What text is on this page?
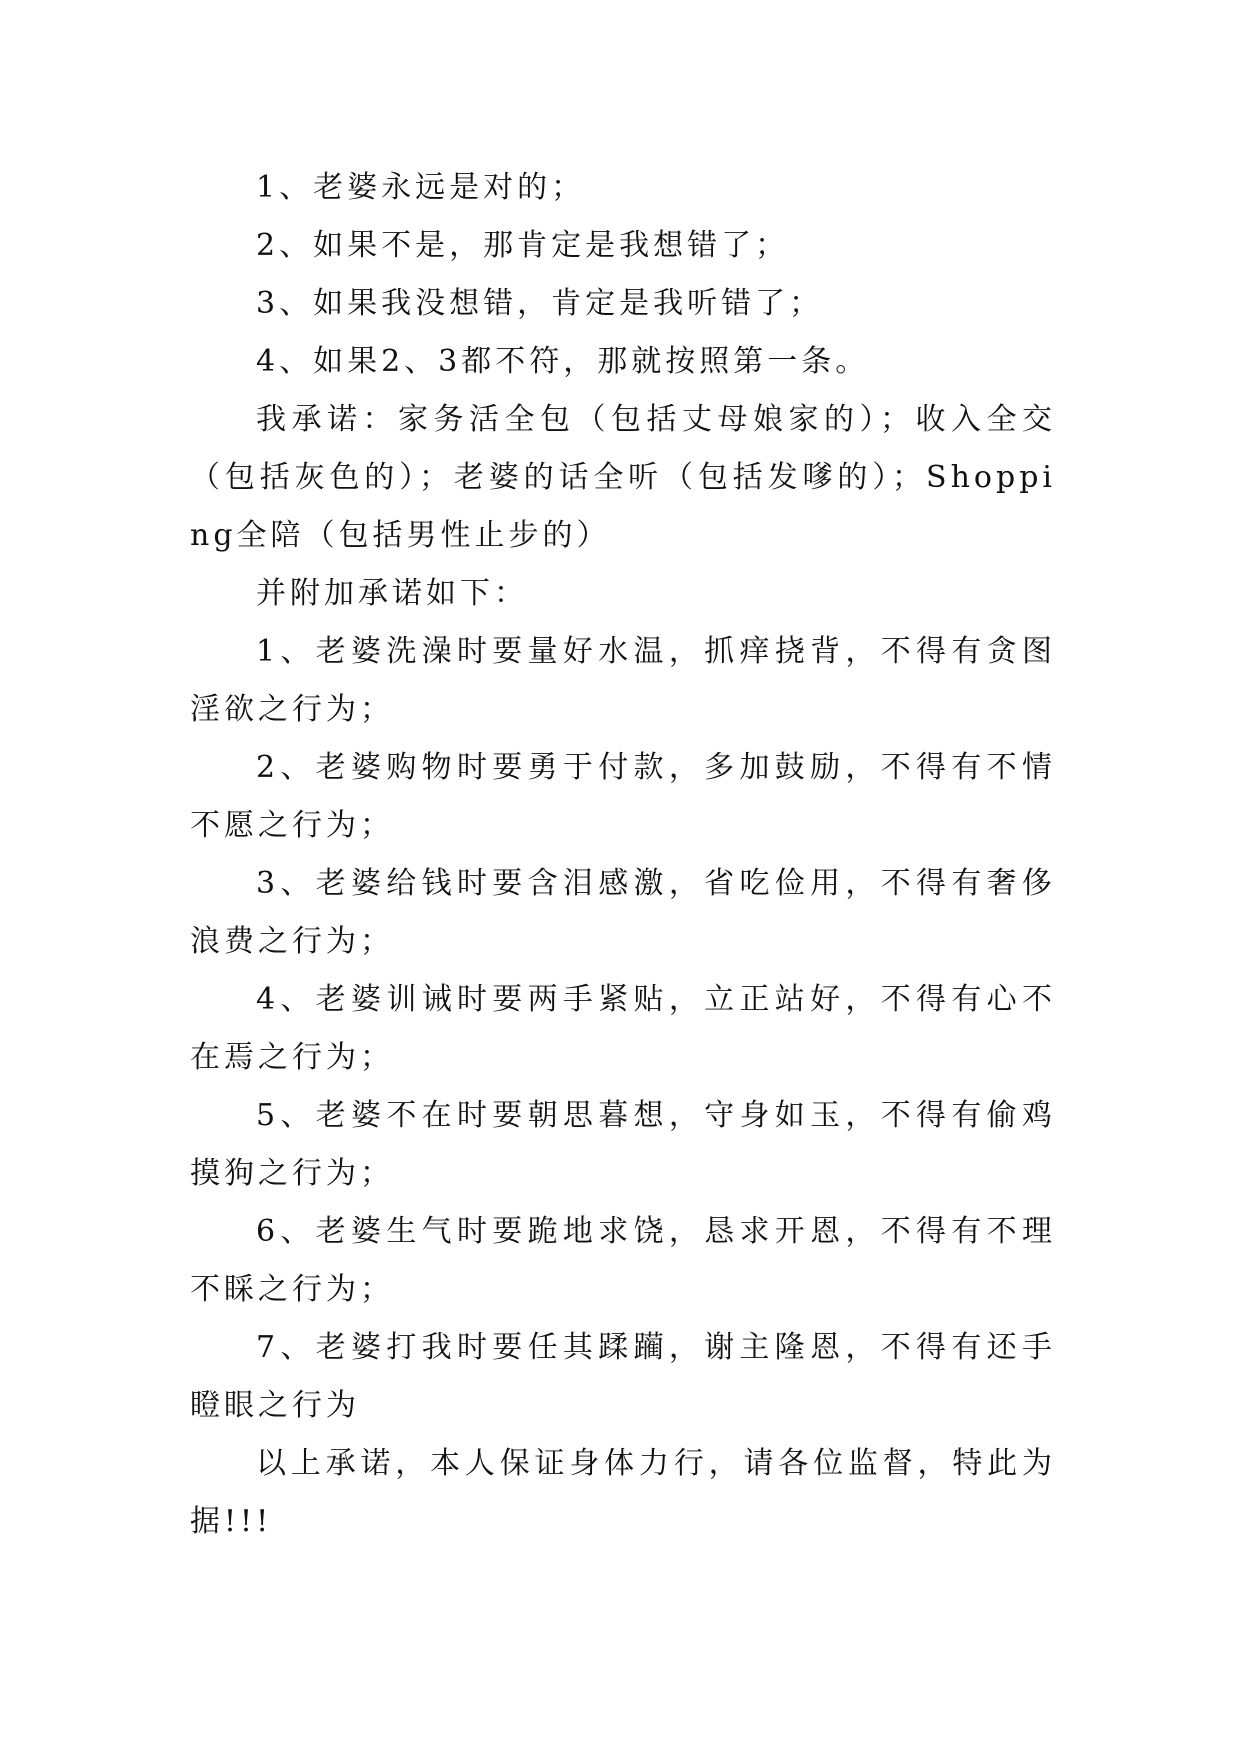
1、老婆永远是对的；

2、如果不是，那肯定是我想错了；

3、如果我没想错，肯定是我听错了；

4、如果2、3都不符，那就按照第一条。

我承诺：家务活全包（包括丈母娘家的）；收入全交（包括灰色的）；老婆的话全听（包括发嗲的）；Shopping全陪（包括男性止步的）

并附加承诺如下：

1、老婆洗澡时要量好水温，抓痒挠背，不得有贪图淫欲之行为；

2、老婆购物时要勇于付款，多加鼓励，不得有不情不愿之行为；

3、老婆给钱时要含泪感激，省吃俭用，不得有奢侈浪费之行为；

4、老婆训诫时要两手紧贴，立正站好，不得有心不在焉之行为；

5、老婆不在时要朝思暮想，守身如玉，不得有偷鸡摸狗之行为；

6、老婆生气时要跪地求饶，恳求开恩，不得有不理不睬之行为；

7、老婆打我时要任其蹂躏，谢主隆恩，不得有还手瞪眼之行为

以上承诺，本人保证身体力行，请各位监督，特此为据!!!
